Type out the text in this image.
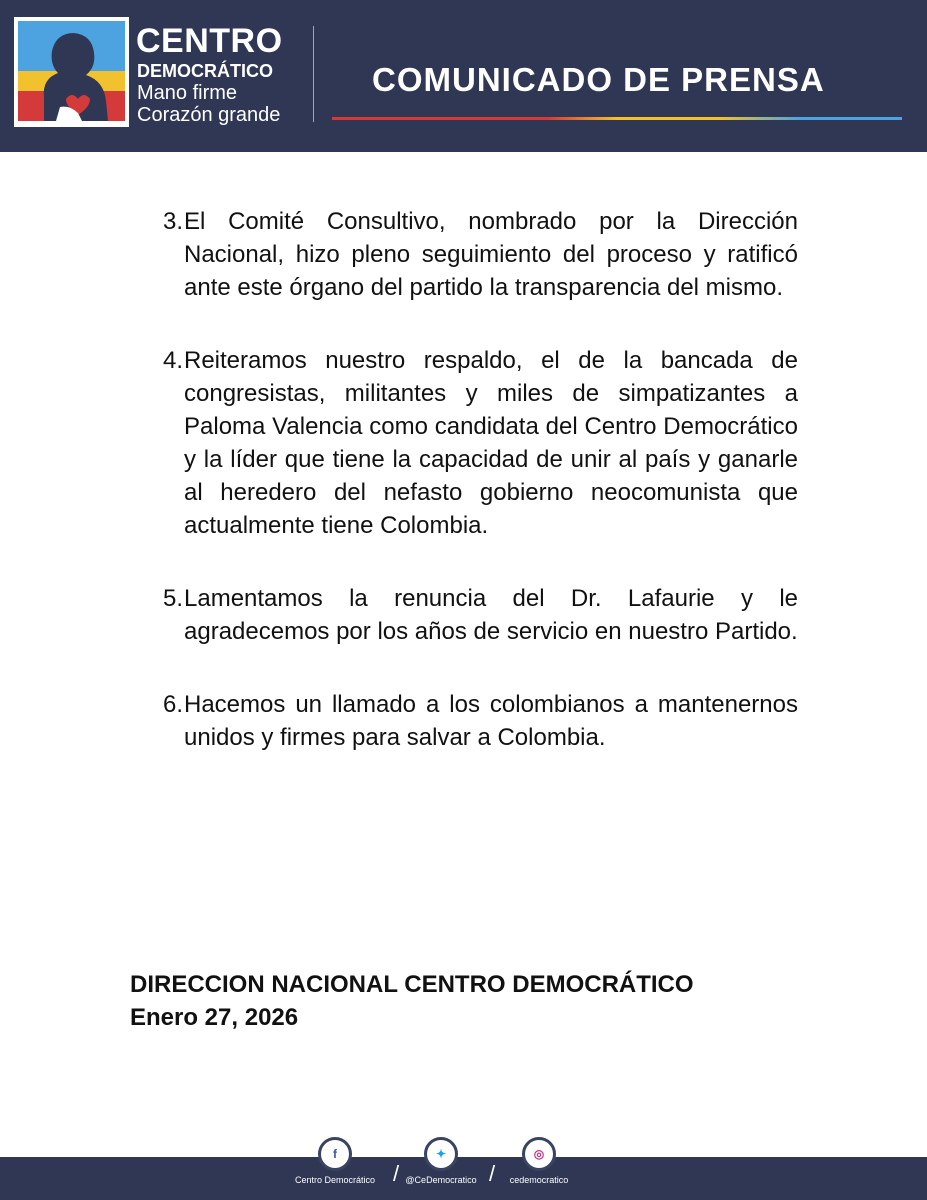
CENTRO
DEMOCRÁTICO
Mano firme
Corazón grande
COMUNICADO DE PRENSA
3. El Comité Consultivo, nombrado por la Dirección Nacional, hizo pleno seguimiento del proceso y ratificó ante este órgano del partido la transparencia del mismo.
4. Reiteramos nuestro respaldo, el de la bancada de congresistas, militantes y miles de simpatizantes a Paloma Valencia como candidata del Centro Democrático y la líder que tiene la capacidad de unir al país y ganarle al heredero del nefasto gobierno neocomunista que actualmente tiene Colombia.
5. Lamentamos la renuncia del Dr. Lafaurie y le agradecemos por los años de servicio en nuestro Partido.
6. Hacemos un llamado a los colombianos a mantenernos unidos y firmes para salvar a Colombia.
DIRECCION NACIONAL CENTRO DEMOCRÁTICO
Enero 27, 2026
f
Centro Democrático /
✦
@CeDemocratico /
◎
cedemocratico
